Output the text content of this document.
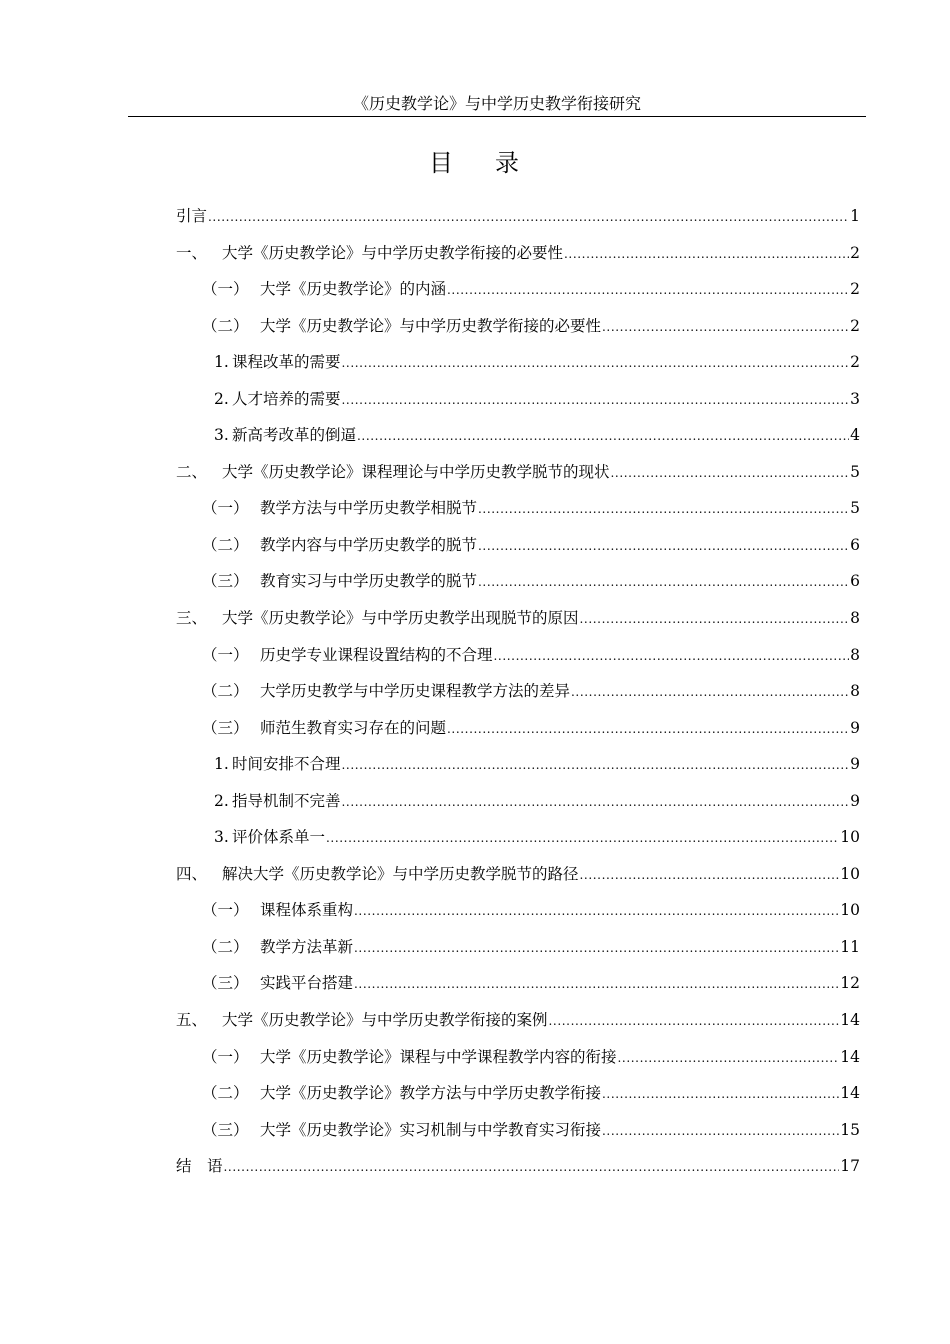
《历史教学论》与中学历史教学衔接研究
目录
引言 .....	1
一、 大学《历史教学论》与中学历史教学衔接的必要性 .....	2
（一） 大学《历史教学论》的内涵 .....	2
（二） 大学《历史教学论》与中学历史教学衔接的必要性 .....	2
1. 课程改革的需要 .....	2
2. 人才培养的需要 .....	3
3. 新高考改革的倒逼 .....	4
二、 大学《历史教学论》课程理论与中学历史教学脱节的现状 .....	5
（一） 教学方法与中学历史教学相脱节 .....	5
（二） 教学内容与中学历史教学的脱节 .....	6
（三） 教育实习与中学历史教学的脱节 .....	6
三、 大学《历史教学论》与中学历史教学出现脱节的原因 .....	8
（一） 历史学专业课程设置结构的不合理 .....	8
（二） 大学历史教学与中学历史课程教学方法的差异 .....	8
（三） 师范生教育实习存在的问题 .....	9
1. 时间安排不合理 .....	9
2. 指导机制不完善 .....	9
3. 评价体系单一 .....	10
四、 解决大学《历史教学论》与中学历史教学脱节的路径 .....	10
（一） 课程体系重构 .....	10
（二） 教学方法革新 .....	11
（三） 实践平台搭建 .....	12
五、 大学《历史教学论》与中学历史教学衔接的案例 .....	14
（一） 大学《历史教学论》课程与中学课程教学内容的衔接 .....	14
（二） 大学《历史教学论》教学方法与中学历史教学衔接 .....	14
（三） 大学《历史教学论》实习机制与中学教育实习衔接 .....	15
结　语 .....	17
